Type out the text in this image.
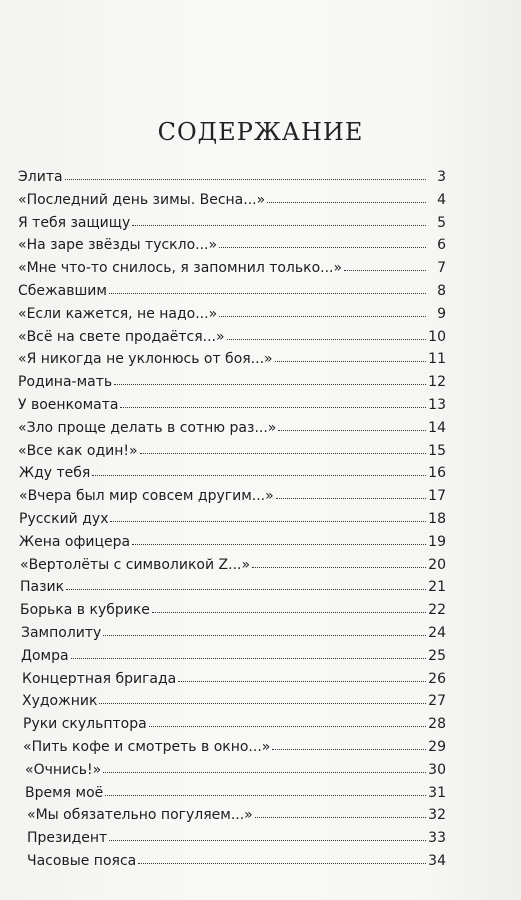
СОДЕРЖАНИЕ
Элита	3
«Последний день зимы. Весна...»	4
Я тебя защищу	5
«На заре звёзды тускло...»	6
«Мне что-то снилось, я запомнил только...»	7
Сбежавшим	8
«Если кажется, не надо...»	9
«Всё на свете продаётся...»	10
«Я никогда не уклонюсь от боя...»	11
Родина-мать	12
У военкомата	13
«Зло проще делать в сотню раз...»	14
«Все как один!»	15
Жду тебя	16
«Вчера был мир совсем другим...»	17
Русский дух	18
Жена офицера	19
«Вертолёты с символикой Z...»	20
Пазик	21
Борька в кубрике	22
Замполиту	24
Домра	25
Концертная бригада	26
Художник	27
Руки скульптора	28
«Пить кофе и смотреть в окно...»	29
«Очнись!»	30
Время моё	31
«Мы обязательно погуляем...»	32
Президент	33
Часовые пояса	34
